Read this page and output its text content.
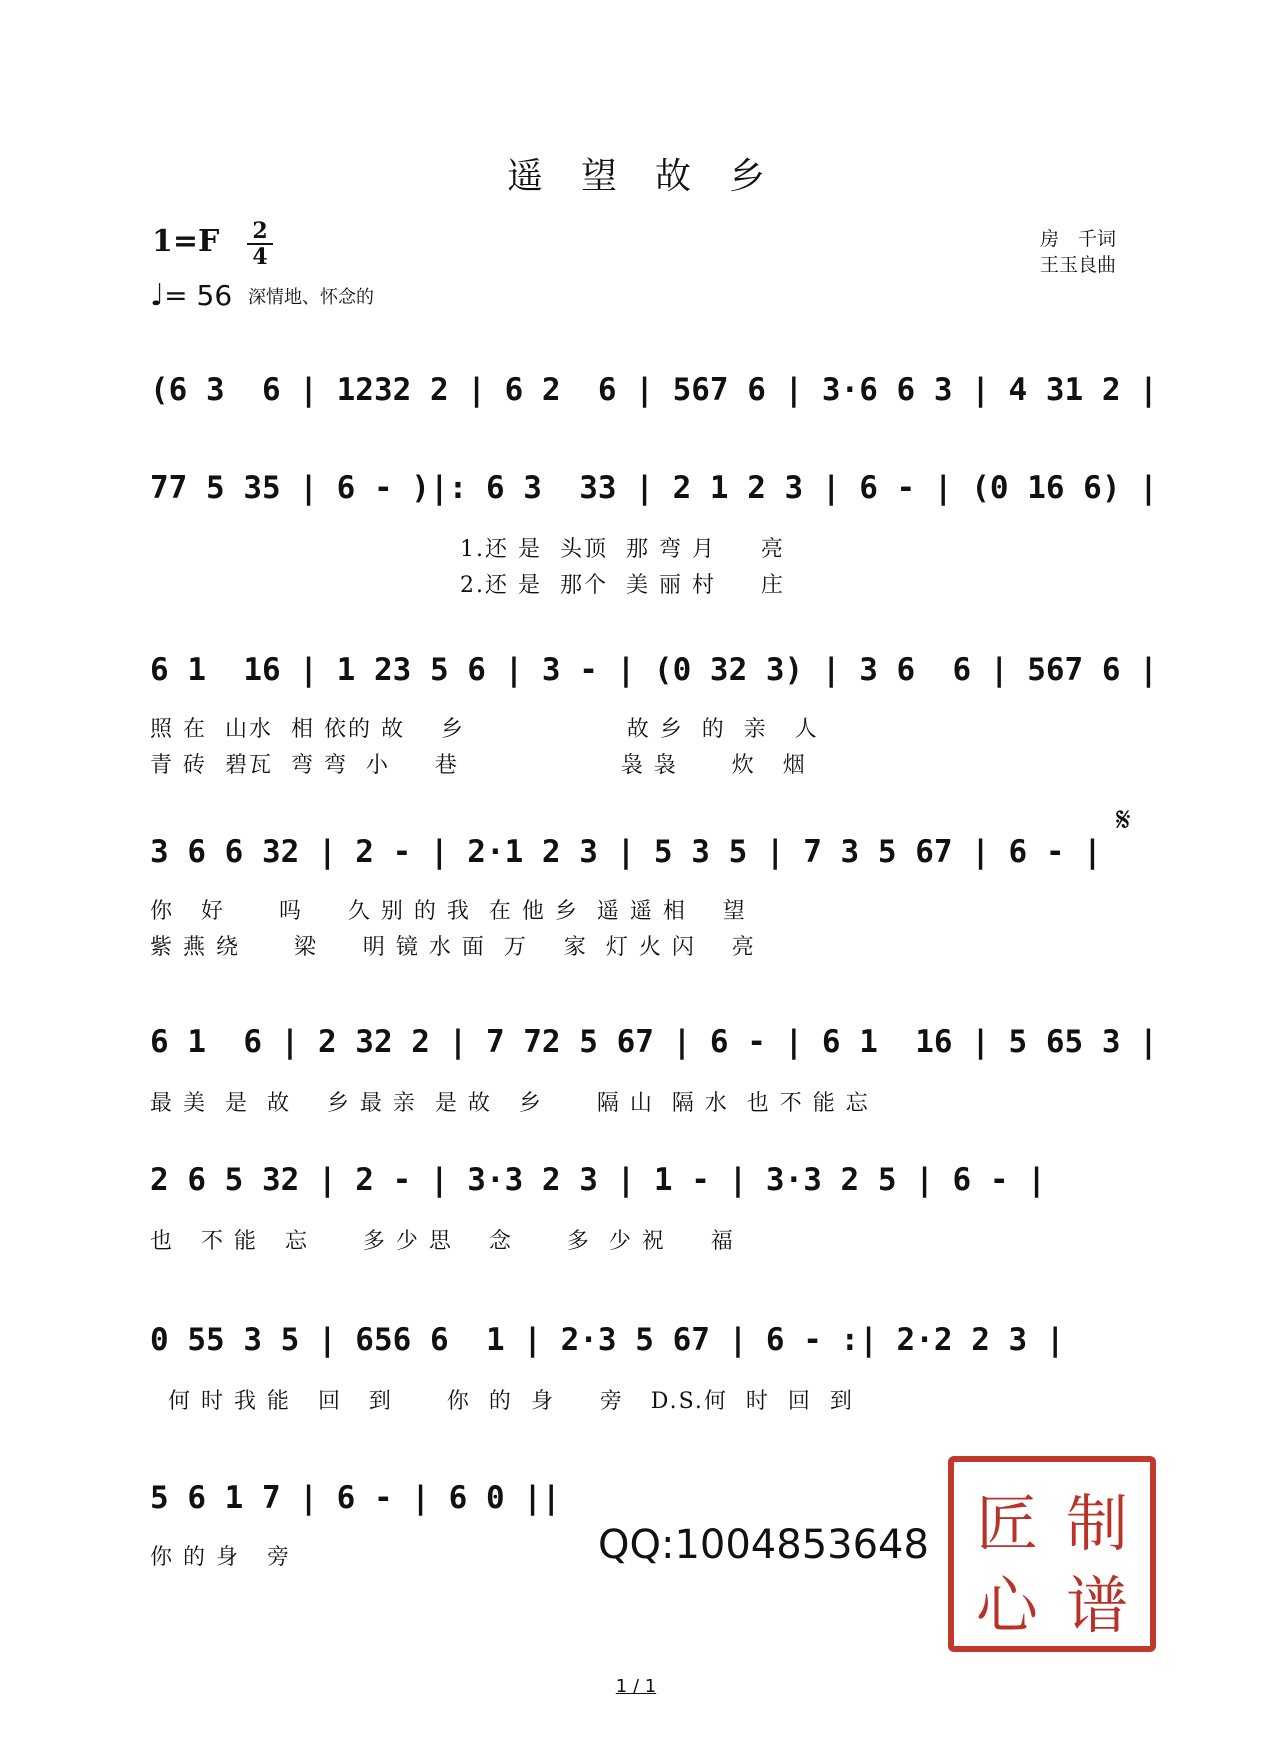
遥望故乡
1=F 2
4
♩= 56 深情地、怀念的
房　千词
王玉良曲
𝄋
(6 3  6 | 1232 2 | 6 2  6 | 567 6 | 3·6 6 3 | 4 31 2 |
77 5 35 | 6 - )|: 6 3  33 | 2 1 2 3 | 6 - | (0 16 6) |
1.还 是  头顶  那 弯 月     亮
2.还 是  那个  美 丽 村     庄
6 1  16 | 1 23 5 6 | 3 - | (0 32 3) | 3 6  6 | 567 6 |
照 在  山水  相 依的 故    乡                  故 乡  的  亲   人
青 砖  碧瓦  弯 弯  小     巷                  袅 袅      炊   烟
3 6 6 32 | 2 - | 2·1 2 3 | 5 3 5 | 7 3 5 67 | 6 - |
你   好      吗     久 别 的 我  在 他 乡  遥 遥 相    望
紫 燕 绕      梁     明 镜 水 面  万    家  灯 火 闪    亮
6 1  6 | 2 32 2 | 7 72 5 67 | 6 - | 6 1  16 | 5 65 3 |
最 美  是  故    乡 最 亲  是 故   乡      隔 山  隔 水  也 不 能 忘
2 6 5 32 | 2 - | 3·3 2 3 | 1 - | 3·3 2 5 | 6 - |
也   不 能   忘      多 少 思    念      多  少 祝     福
0 55 3 5 | 656 6  1 | 2·3 5 67 | 6 - :| 2·2 2 3 |
何 时 我 能   回   到      你  的  身     旁   D.S.何  时  回  到
5 6 1 7 | 6 - | 6 0 ||
你 的 身   旁	QQ:1004853648 匠 制
心 谱
1 / 1
